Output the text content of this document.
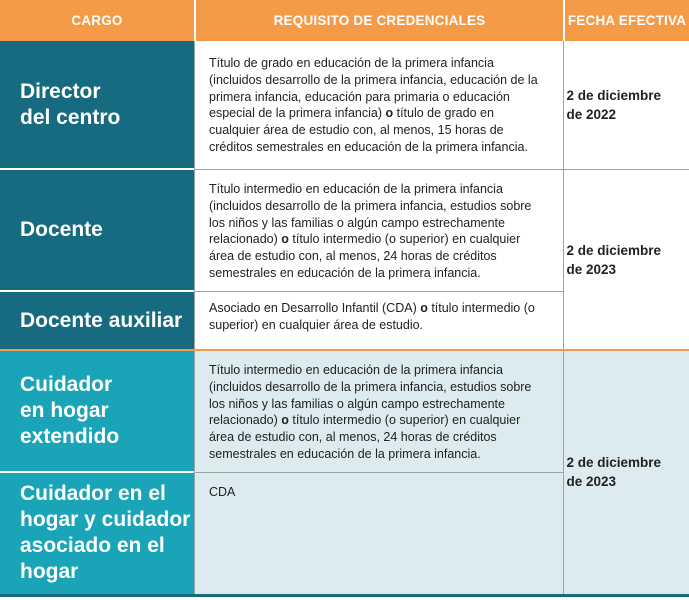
CARGO	REQUISITO DE CREDENCIALES	FECHA EFECTIVA
Director
del centro
Docente
Docente auxiliar
Cuidador
en hogar
extendido
Cuidador en el
hogar y cuidador
asociado en el
hogar
Título de grado en educación de la primera infancia (incluidos desarrollo de la primera infancia, educación de la primera infancia, educación para primaria o educación especial de la primera infancia) o título de grado en cualquier área de estudio con, al menos, 15 horas de créditos semestrales en educación de la primera infancia.
Título intermedio en educación de la primera infancia (incluidos desarrollo de la primera infancia, estudios sobre los niños y las familias o algún campo estrechamente relacionado) o título intermedio (o superior) en cualquier área de estudio con, al menos, 24 horas de créditos semestrales en educación de la primera infancia.
Asociado en Desarrollo Infantil (CDA) o título intermedio (o superior) en cualquier área de estudio.
Título intermedio en educación de la primera infancia (incluidos desarrollo de la primera infancia, estudios sobre los niños y las familias o algún campo estrechamente relacionado) o título intermedio (o superior) en cualquier área de estudio con, al menos, 24 horas de créditos semestrales en educación de la primera infancia.
CDA
2 de diciembre
de 2022
2 de diciembre
de 2023
2 de diciembre
de 2023
